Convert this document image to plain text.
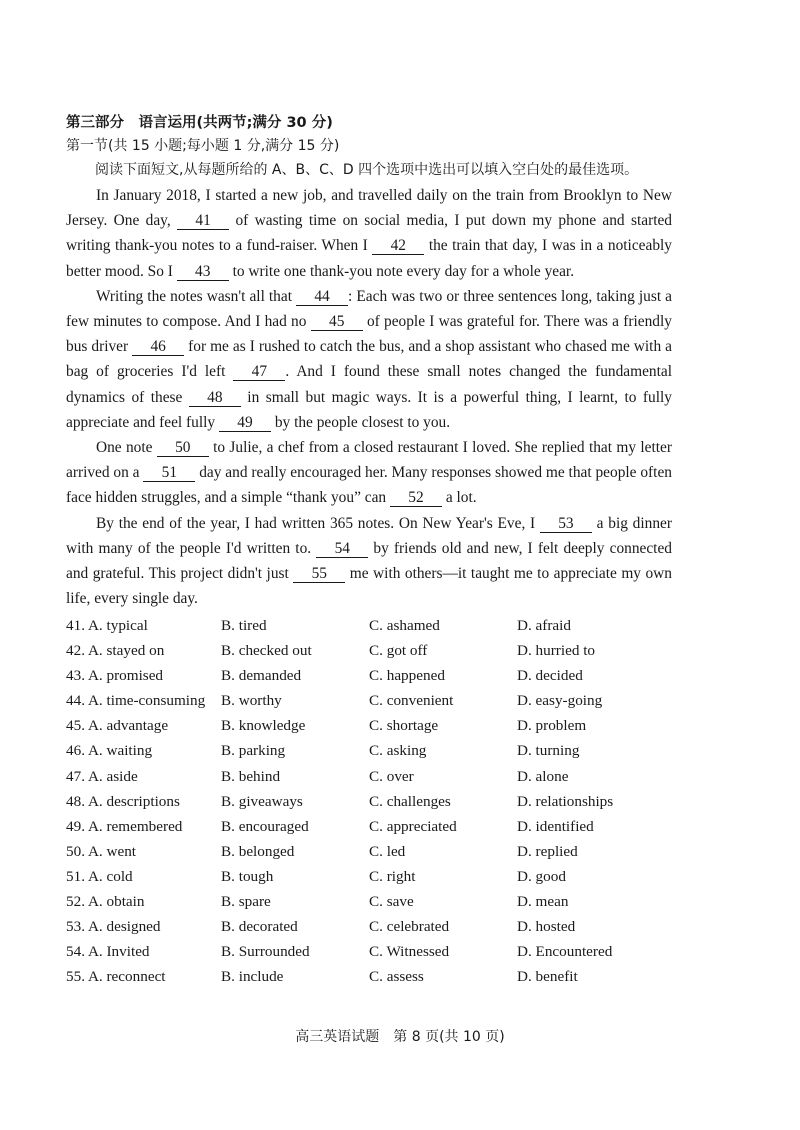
第三部分　语言运用(共两节;满分 30 分)

第一节(共 15 小题;每小题 1 分,满分 15 分)

阅读下面短文,从每题所给的 A、B、C、D 四个选项中选出可以填入空白处的最佳选项。

In January 2018, I started a new job, and travelled daily on the train from Brooklyn to New Jersey. One day, 41 of wasting time on social media, I put down my phone and started writing thank-you notes to a fund-raiser. When I 42 the train that day, I was in a noticeably better mood. So I 43 to write one thank-you note every day for a whole year.

Writing the notes wasn't all that 44 : Each was two or three sentences long, taking just a few minutes to compose. And I had no 45 of people I was grateful for. There was a friendly bus driver 46 for me as I rushed to catch the bus, and a shop assistant who chased me with a bag of groceries I'd left 47 . And I found these small notes changed the fundamental dynamics of these 48 in small but magic ways. It is a powerful thing, I learnt, to fully appreciate and feel fully 49 by the people closest to you.

One note 50 to Julie, a chef from a closed restaurant I loved. She replied that my letter arrived on a 51 day and really encouraged her. Many responses showed me that people often face hidden struggles, and a simple “thank you” can 52 a lot.

By the end of the year, I had written 365 notes. On New Year's Eve, I 53 a big dinner with many of the people I'd written to. 54 by friends old and new, I felt deeply connected and grateful. This project didn't just 55 me with others—it taught me to appreciate my own life, every single day.

41. A. typical	B. tired	C. ashamed	D. afraid
42. A. stayed on	B. checked out	C. got off	D. hurried to
43. A. promised	B. demanded	C. happened	D. decided
44. A. time-consuming	B. worthy	C. convenient	D. easy-going
45. A. advantage	B. knowledge	C. shortage	D. problem
46. A. waiting	B. parking	C. asking	D. turning
47. A. aside	B. behind	C. over	D. alone
48. A. descriptions	B. giveaways	C. challenges	D. relationships
49. A. remembered	B. encouraged	C. appreciated	D. identified
50. A. went	B. belonged	C. led	D. replied
51. A. cold	B. tough	C. right	D. good
52. A. obtain	B. spare	C. save	D. mean
53. A. designed	B. decorated	C. celebrated	D. hosted
54. A. Invited	B. Surrounded	C. Witnessed	D. Encountered
55. A. reconnect	B. include	C. assess	D. benefit
高三英语试题　第 8 页(共 10 页)
